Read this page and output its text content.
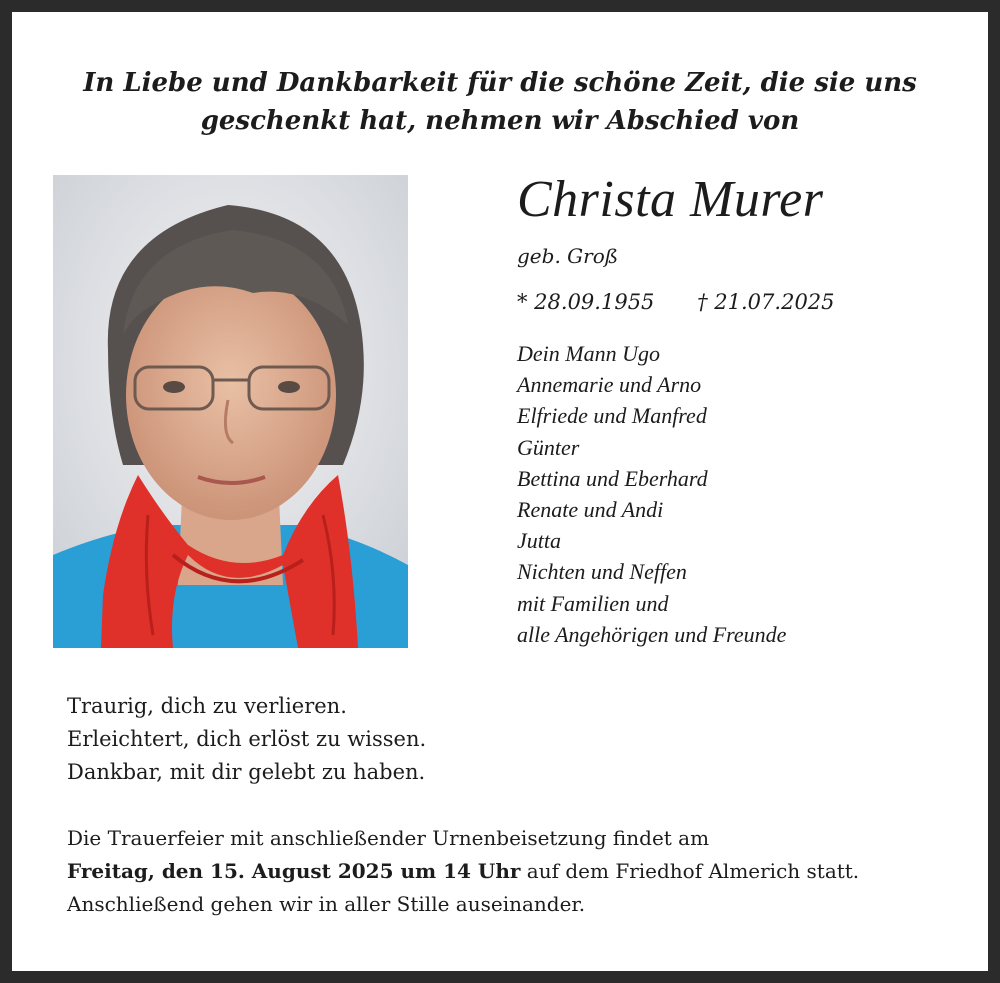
In Liebe und Dankbarkeit für die schöne Zeit, die sie uns
geschenkt hat, nehmen wir Abschied von
Christa Murer
geb. Groß
* 28.09.1955 † 21.07.2025
Dein Mann Ugo
Annemarie und Arno
Elfriede und Manfred
Günter
Bettina und Eberhard
Renate und Andi
Jutta
Nichten und Neffen
mit Familien und
alle Angehörigen und Freunde
Traurig, dich zu verlieren.
Erleichtert, dich erlöst zu wissen.
Dankbar, mit dir gelebt zu haben.
Die Trauerfeier mit anschließender Urnenbeisetzung findet am
Freitag, den 15. August 2025 um 14 Uhr auf dem Friedhof Almerich statt.
Anschließend gehen wir in aller Stille auseinander.
